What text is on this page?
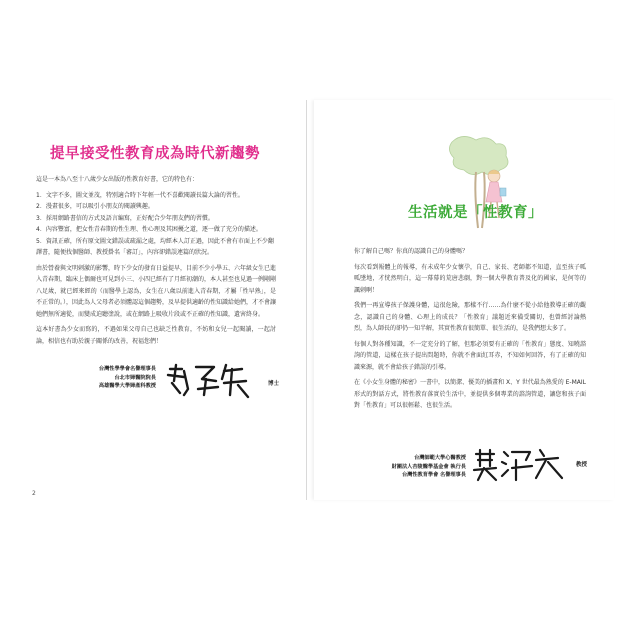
提早接受性教育成為時代新趨勢

這是一本為八至十八歲少女出版的性教育好書，它的特色有：

1．文字不多，圖文並茂，特別適合時下年輕一代不喜歡閱讀長篇大論的習性。

2．漫畫很多，可以吸引小朋友的閱讀興趣。

3．採用網路書信的方式及語言編寫，正好配合少年朋友們的習慣。

4．內容豐富，把女性青春期的性生理、性心理及其困擾之道，逐一做了充分的描述。

5．資訊正確，所有原文圖文錯誤或疏漏之處，均經本人訂正過，因此不會有市面上不少翻譯書，隨便找個醫師、教授掛名「審訂」，內容卻錯誤連篇的狀況。

由於營養與文明刺激的影響，時下少女的發育日益提早，目前不少小學五、六年級女生已進入青春期，臨床上偶爾也可見到小三、小四已經有了月經初潮的，本人甚至也見過一例剛剛八足歲，就已經來經的（而醫學上認為，女生在八歲以前進入青春期，才屬「性早熟」，是不正常的。），因此為人父母者必須體認這個趨勢，及早提供適齡的性知識給她們，才不會讓她們無所適從，而變成迫聽塗說，或在網路上吸收片段或不正確的性知識，遺害終身。

這本好書為少女而寫的，不過如果父母自己也缺乏性教育，不妨和女兒一起閱讀，一起討論，相信也有助於親子關係的改善，祝福您們！

台灣性學學會名譽理事長
台北市婦醫院院長
高雄醫學大學婦產科教授	博士
2
生活就是「性教育」

你了解自己嗎？你真的認識自己的身體嗎？

每次看到報體上的報導，有未成年少女懷孕，自己、家長、老師都不知道，直至孩子呱呱墜地，才恍然明白，這一幕幕的荒唐悲劇，對一個大學教育普及化的國家，是何等的諷刺啊！

我們一再宣導孩子保護身體，這很危險，那樣不行……為什麼不從小給他教導正確的觀念，認識自己的身體、心理上的成長？「性教育」議題近來備受關切，也曾經討論熱烈，為人師長的卻仍一知半解，其實性教育很簡單、很生活的，是我們想太多了。

每個人對各種知識，不一定充分的了解，但那必須要有正確的「性教育」態度、知曉諮詢的管道，這樣在孩子提出問題時，你就不會面紅耳赤，不知如何回答，有了正確的知識來源，就不會給孩子錯誤的引導。

在《小女生身體的秘密》一書中，以簡潔、優美的插畫和 X、Y 世代最為熟愛的 E-MAIL 形式的對話方式，將性教育落實於生活中，並提供多個專業的諮詢管道，讓您和孩子面對「性教育」可以很輕鬆、也很生活。

台灣師範大學心醫教授
財團法人杏陵醫學基金會 執行長
台灣性教育學會 名譽理事長
教授
